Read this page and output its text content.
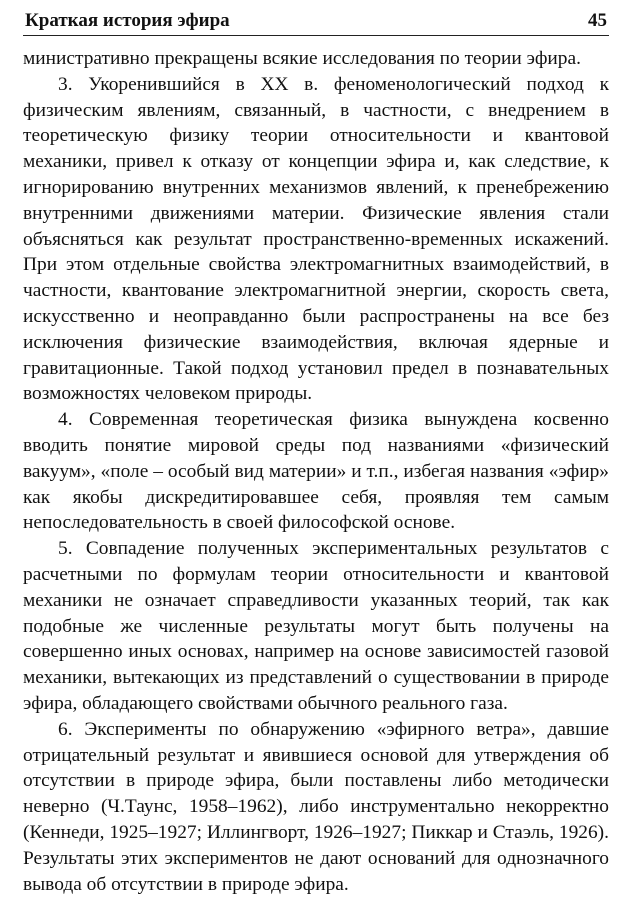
Краткая история эфира	45

министративно прекращены всякие исследования по теории эфира.

3. Укоренившийся в XX в. феноменологический подход к физическим явлениям, связанный, в частности, с внедрением в теоретическую физику теории относительности и квантовой механики, привел к отказу от концепции эфира и, как следствие, к игнорированию внутренних механизмов явлений, к пренебрежению внутренними движениями материи. Физические явления стали объясняться как результат пространственно-временных искажений. При этом отдельные свойства электромагнитных взаимодействий, в частности, квантование электромагнитной энергии, скорость света, искусственно и неоправданно были распространены на все без исключения физические взаимодействия, включая ядерные и гравитационные. Такой подход установил предел в познавательных возможностях человеком природы.

4. Современная теоретическая физика вынуждена косвенно вводить понятие мировой среды под названиями «физический вакуум», «поле – особый вид материи» и т.п., избегая названия «эфир» как якобы дискредитировавшее себя, проявляя тем самым непоследовательность в своей философской основе.

5. Совпадение полученных экспериментальных результатов с расчетными по формулам теории относительности и квантовой механики не означает справедливости указанных теорий, так как подобные же численные результаты могут быть получены на совершенно иных основах, например на основе зависимостей газовой механики, вытекающих из представлений о существовании в природе эфира, обладающего свойствами обычного реального газа.

6. Эксперименты по обнаружению «эфирного ветра», давшие отрицательный результат и явившиеся основой для утверждения об отсутствии в природе эфира, были поставлены либо методически неверно (Ч.Таунс, 1958–1962), либо инструментально некорректно (Кеннеди, 1925–1927; Иллингворт, 1926–1927; Пиккар и Стаэль, 1926). Результаты этих экспериментов не дают оснований для однозначного вывода об отсутствии в природе эфира.
